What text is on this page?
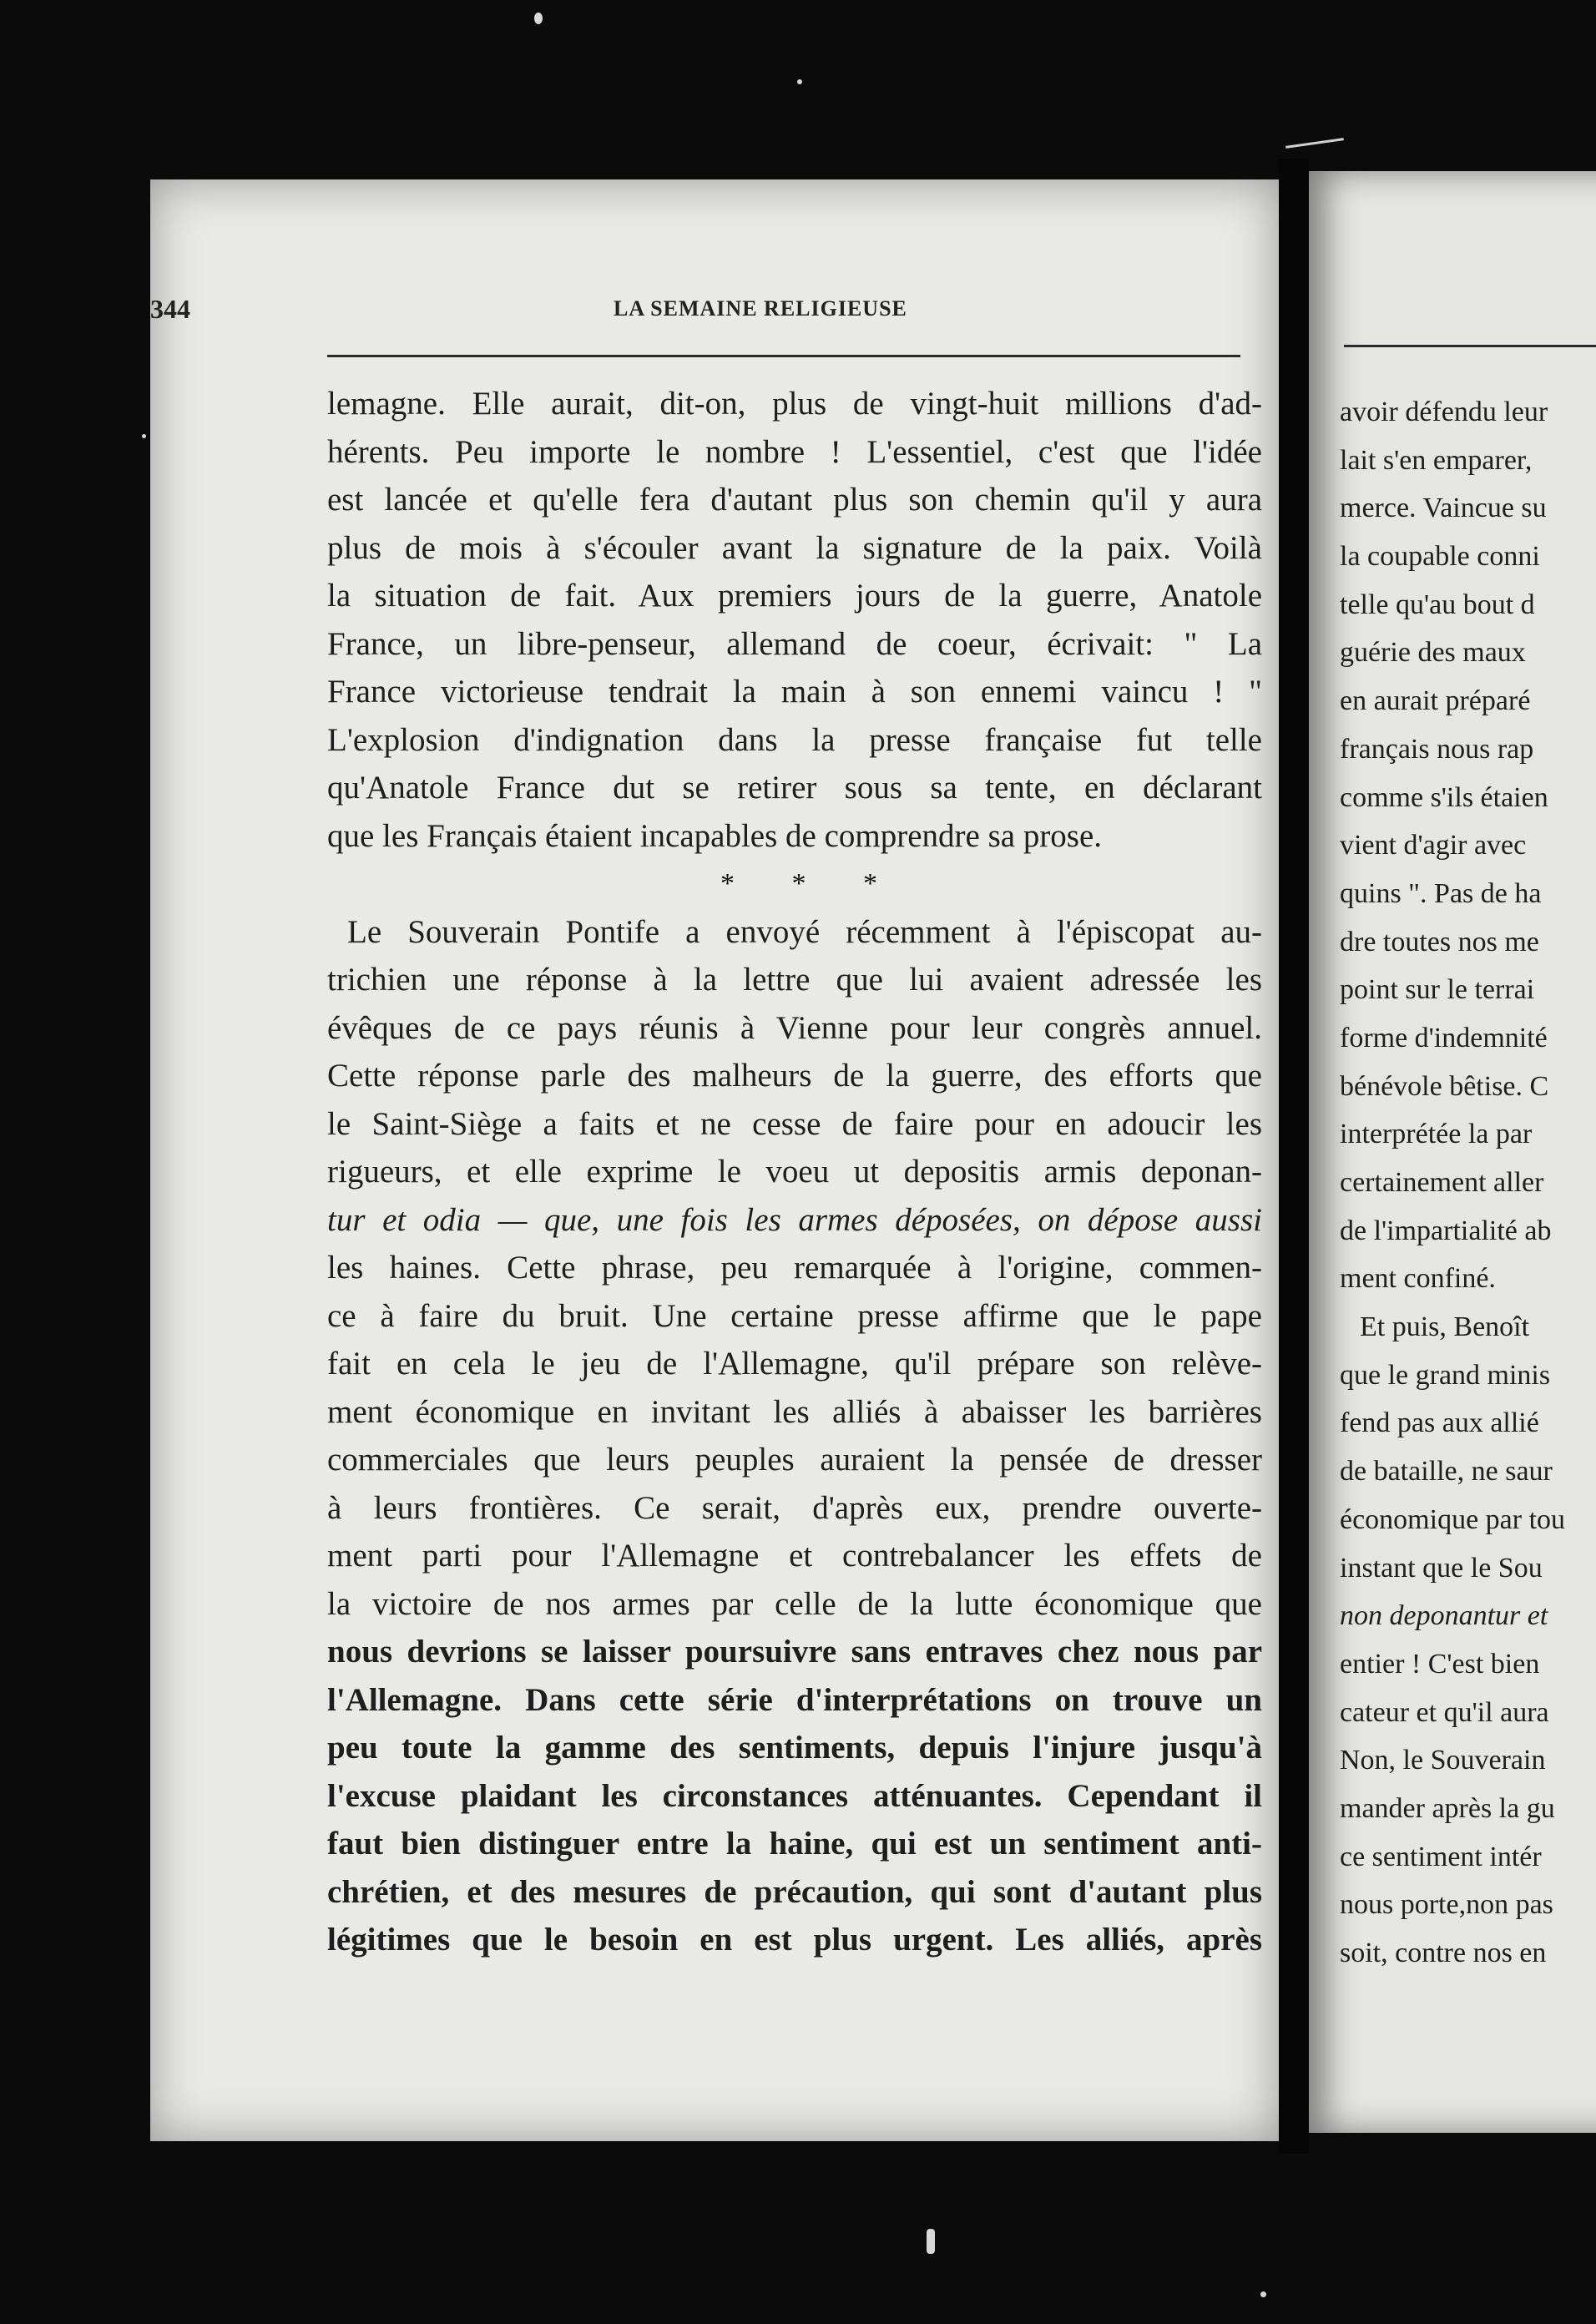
344	LA SEMAINE RELIGIEUSE
lemagne. Elle aurait, dit-on, plus de vingt-huit millions d'ad-
hérents. Peu importe le nombre ! L'essentiel, c'est que l'idée
est lancée et qu'elle fera d'autant plus son chemin qu'il y aura
plus de mois à s'écouler avant la signature de la paix. Voilà
la situation de fait. Aux premiers jours de la guerre, Anatole
France, un libre-penseur, allemand de coeur, écrivait: " La
France victorieuse tendrait la main à son ennemi vaincu ! "
L'explosion d'indignation dans la presse française fut telle
qu'Anatole France dut se retirer sous sa tente, en déclarant
que les Français étaient incapables de comprendre sa prose.
* * *
Le Souverain Pontife a envoyé récemment à l'épiscopat au-
trichien une réponse à la lettre que lui avaient adressée les
évêques de ce pays réunis à Vienne pour leur congrès annuel.
Cette réponse parle des malheurs de la guerre, des efforts que
le Saint-Siège a faits et ne cesse de faire pour en adoucir les
rigueurs, et elle exprime le voeu ut depositis armis deponan-
tur et odia — que, une fois les armes déposées, on dépose aussi
les haines. Cette phrase, peu remarquée à l'origine, commen-
ce à faire du bruit. Une certaine presse affirme que le pape
fait en cela le jeu de l'Allemagne, qu'il prépare son relève-
ment économique en invitant les alliés à abaisser les barrières
commerciales que leurs peuples auraient la pensée de dresser
à leurs frontières. Ce serait, d'après eux, prendre ouverte-
ment parti pour l'Allemagne et contrebalancer les effets de
la victoire de nos armes par celle de la lutte économique que
nous devrions se laisser poursuivre sans entraves chez nous par
l'Allemagne. Dans cette série d'interprétations on trouve un
peu toute la gamme des sentiments, depuis l'injure jusqu'à
l'excuse plaidant les circonstances atténuantes. Cependant il
faut bien distinguer entre la haine, qui est un sentiment anti-
chrétien, et des mesures de précaution, qui sont d'autant plus
légitimes que le besoin en est plus urgent. Les alliés, après
avoir défendu leur
lait s'en emparer,
merce. Vaincue su
la coupable conni
telle qu'au bout d
guérie des maux
en aurait préparé
français nous rap
comme s'ils étaien
vient d'agir avec
quins ". Pas de ha
dre toutes nos me
point sur le terrai
forme d'indemnité
bénévole bêtise. C
interprétée la par
certainement aller
de l'impartialité ab
ment confiné.
Et puis, Benoît
que le grand minis
fend pas aux allié
de bataille, ne saur
économique par tou
instant que le Sou
non deponantur et
entier ! C'est bien
cateur et qu'il aura
Non, le Souverain
mander après la gu
ce sentiment intér
nous porte,non pas
soit, contre nos en
